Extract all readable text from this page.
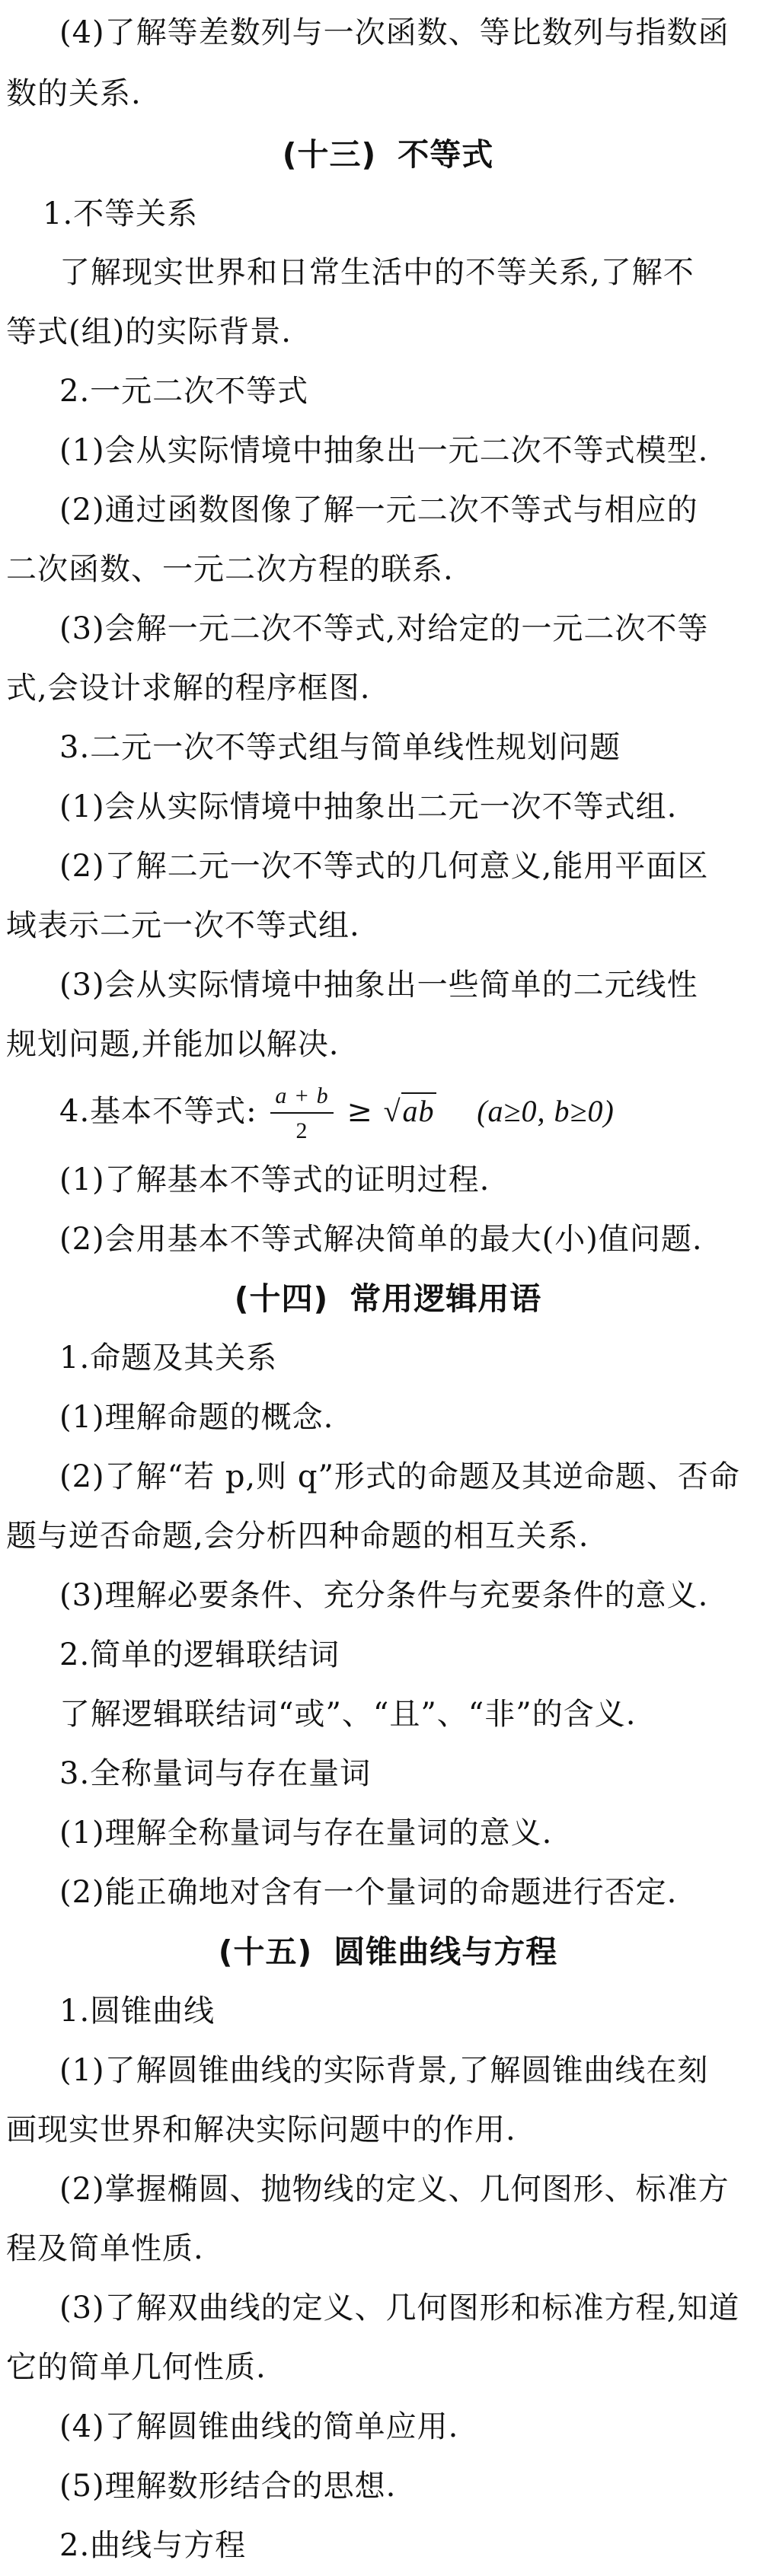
(4)了解等差数列与一次函数、等比数列与指数函
数的关系.
(十三) 不等式
1.不等关系
了解现实世界和日常生活中的不等关系,了解不
等式(组)的实际背景.
2.一元二次不等式
(1)会从实际情境中抽象出一元二次不等式模型.
(2)通过函数图像了解一元二次不等式与相应的
二次函数、一元二次方程的联系.
(3)会解一元二次不等式,对给定的一元二次不等
式,会设计求解的程序框图.
3.二元一次不等式组与简单线性规划问题
(1)会从实际情境中抽象出二元一次不等式组.
(2)了解二元一次不等式的几何意义,能用平面区
域表示二元一次不等式组.
(3)会从实际情境中抽象出一些简单的二元线性
规划问题,并能加以解决.
(1)了解基本不等式的证明过程.
(2)会用基本不等式解决简单的最大(小)值问题.
(十四) 常用逻辑用语
1.命题及其关系
(1)理解命题的概念.
(2)了解“若 p,则 q”形式的命题及其逆命题、否命
题与逆否命题,会分析四种命题的相互关系.
(3)理解必要条件、充分条件与充要条件的意义.
2.简单的逻辑联结词
了解逻辑联结词“或”、“且”、“非”的含义.
3.全称量词与存在量词
(1)理解全称量词与存在量词的意义.
(2)能正确地对含有一个量词的命题进行否定.
(十五) 圆锥曲线与方程
1.圆锥曲线
(1)了解圆锥曲线的实际背景,了解圆锥曲线在刻
画现实世界和解决实际问题中的作用.
(2)掌握椭圆、抛物线的定义、几何图形、标准方
程及简单性质.
(3)了解双曲线的定义、几何图形和标准方程,知道
它的简单几何性质.
(4)了解圆锥曲线的简单应用.
(5)理解数形结合的思想.
2.曲线与方程
4.基本不等式: $\frac{a + b}{2} \ge √ab$ (a≥0, b≥0)
